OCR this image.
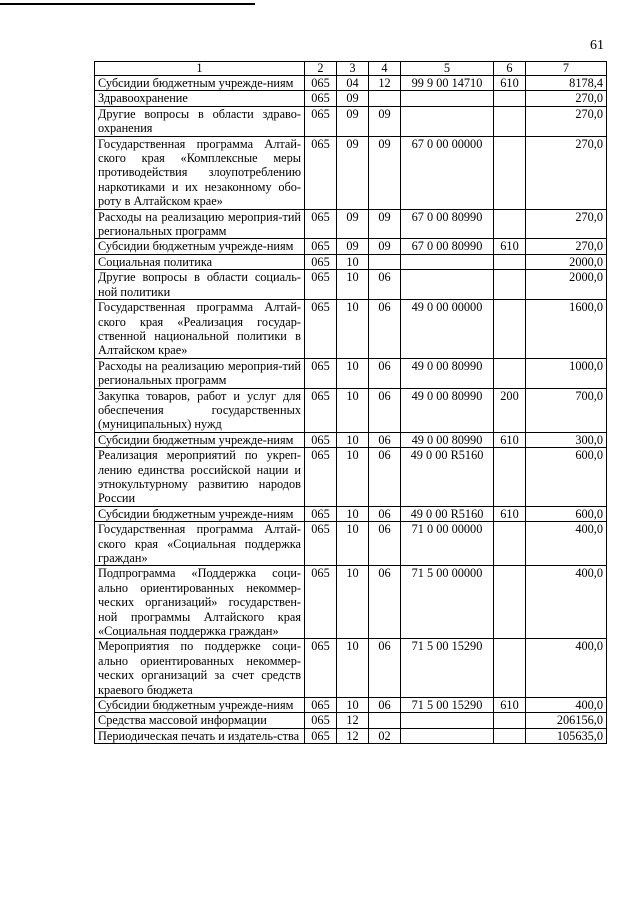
61
1	2	3	4	5	6	7
Субсидии бюджетным учрежде-ниям	065	04	12	99 9 00 14710	610	8178,4
Здравоохранение	065	09				270,0
Другие вопросы в области здраво-охранения	065	09	09			270,0
Государственная программа Алтай-ского края «Комплексные меры противодействия злоупотреблению наркотиками и их незаконному обо-роту в Алтайском крае»	065	09	09	67 0 00 00000		270,0
Расходы на реализацию мероприя-тий региональных программ	065	09	09	67 0 00 80990		270,0
Субсидии бюджетным учрежде-ниям	065	09	09	67 0 00 80990	610	270,0
Социальная политика	065	10				2000,0
Другие вопросы в области социаль-ной политики	065	10	06			2000,0
Государственная программа Алтай-ского края «Реализация государ-ственной национальной политики в Алтайском крае»	065	10	06	49 0 00 00000		1600,0
Расходы на реализацию мероприя-тий региональных программ	065	10	06	49 0 00 80990		1000,0
Закупка товаров, работ и услуг для обеспечения государственных (муниципальных) нужд	065	10	06	49 0 00 80990	200	700,0
Субсидии бюджетным учрежде-ниям	065	10	06	49 0 00 80990	610	300,0
Реализация мероприятий по укреп-лению единства российской нации и этнокультурному развитию народов России	065	10	06	49 0 00 R5160		600,0
Субсидии бюджетным учрежде-ниям	065	10	06	49 0 00 R5160	610	600,0
Государственная программа Алтай-ского края «Социальная поддержка граждан»	065	10	06	71 0 00 00000		400,0
Подпрограмма «Поддержка соци-ально ориентированных некоммер-ческих организаций» государствен-ной программы Алтайского края «Социальная поддержка граждан»	065	10	06	71 5 00 00000		400,0
Мероприятия по поддержке соци-ально ориентированных некоммер-ческих организаций за счет средств краевого бюджета	065	10	06	71 5 00 15290		400,0
Субсидии бюджетным учрежде-ниям	065	10	06	71 5 00 15290	610	400,0
Средства массовой информации	065	12				206156,0
Периодическая печать и издатель-ства	065	12	02			105635,0
